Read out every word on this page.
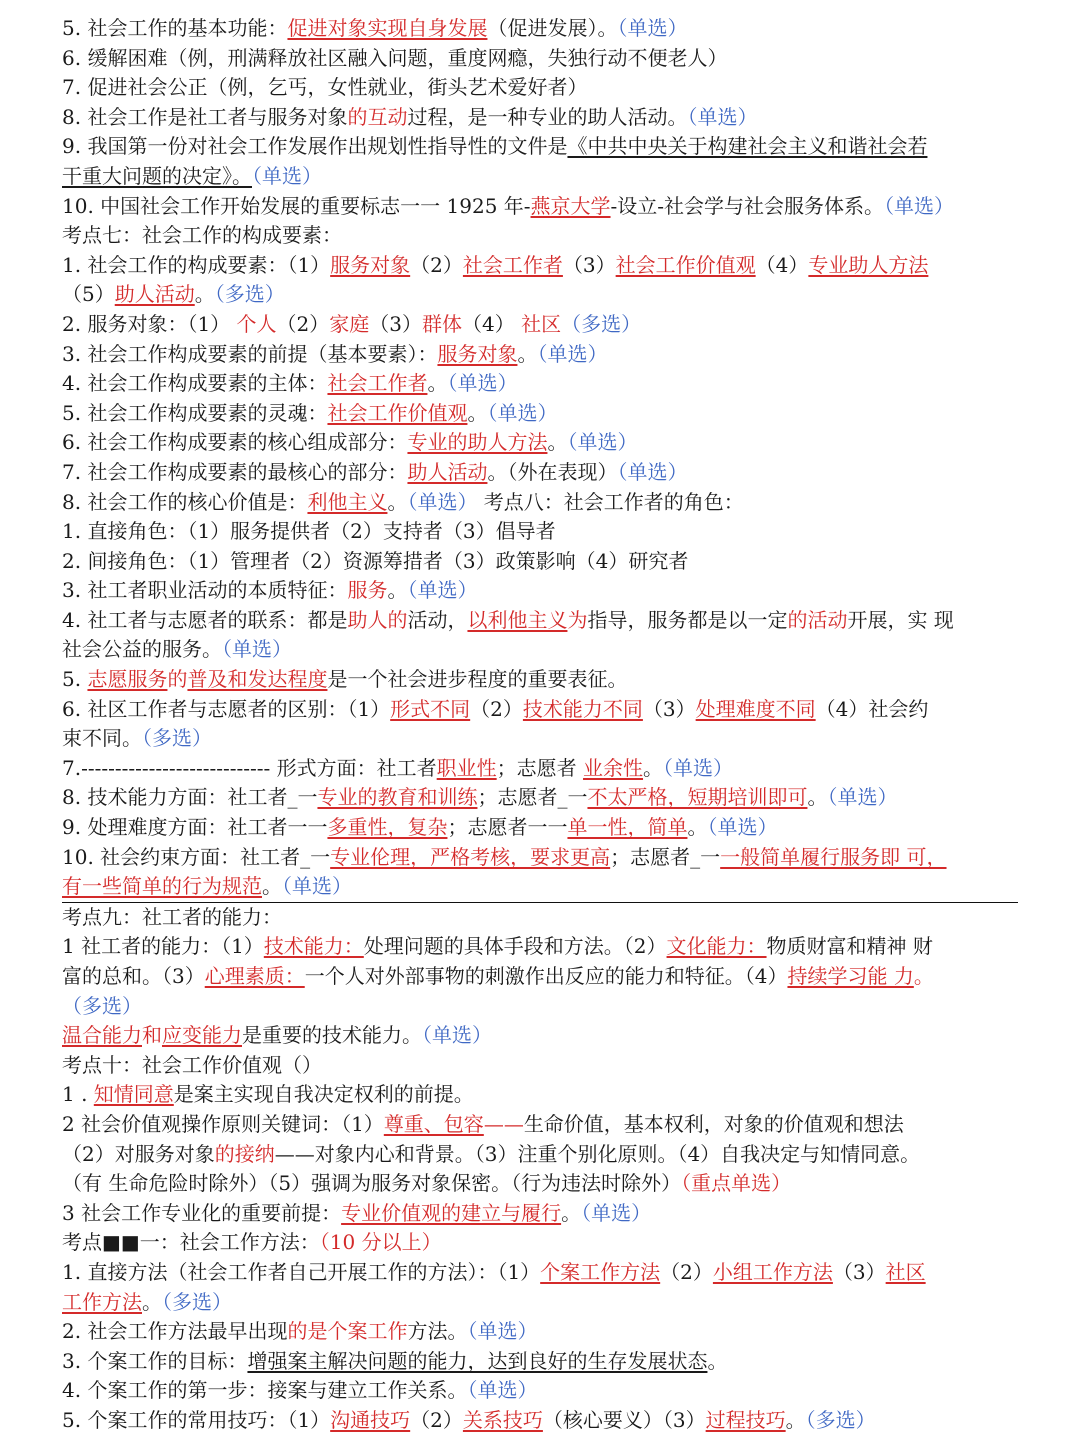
5. 社会工作的基本功能：促进对象实现自身发展（促进发展）。（单选）
6. 缓解困难（例，刑满释放社区融入问题，重度网瘾，失独行动不便老人）
7. 促进社会公正（例，乞丐，女性就业，街头艺术爱好者）
8. 社会工作是社工者与服务对象的互动过程，是一种专业的助人活动。（单选）
9. 我国第一份对社会工作发展作出规划性指导性的文件是《中共中央关于构建社会主义和谐社会若
干重大问题的决定》。（单选）
10. 中国社会工作开始发展的重要标志一一 1925 年-燕京大学-设立-社会学与社会服务体系。（单选）
考点七：社会工作的构成要素：
1. 社会工作的构成要素：（1）服务对象（2）社会工作者（3）社会工作价值观（4）专业助人方法
（5）助人活动。（多选）
2. 服务对象：（1） 个人（2）家庭（3）群体（4） 社区（多选）
3. 社会工作构成要素的前提（基本要素）：服务对象。（单选）
4. 社会工作构成要素的主体：社会工作者。（单选）
5. 社会工作构成要素的灵魂：社会工作价值观。（单选）
6. 社会工作构成要素的核心组成部分：专业的助人方法。（单选）
7. 社会工作构成要素的最核心的部分：助人活动。（外在表现）（单选）
8. 社会工作的核心价值是：利他主义。（单选） 考点八：社会工作者的角色：
1. 直接角色：（1）服务提供者（2）支持者（3）倡导者
2. 间接角色：（1）管理者（2）资源筹措者（3）政策影响（4）研究者
3. 社工者职业活动的本质特征：服务。（单选）
4. 社工者与志愿者的联系：都是助人的活动，以利他主义为指导，服务都是以一定的活动开展，实 现
社会公益的服务。（单选）
5. 志愿服务的普及和发达程度是一个社会进步程度的重要表征。
6. 社区工作者与志愿者的区别：（1）形式不同（2）技术能力不同（3）处理难度不同（4）社会约
束不同。（多选）
7.---------------------------- 形式方面：社工者职业性；志愿者 业余性。（单选）
8. 技术能力方面：社工者_一专业的教育和训练；志愿者_一不太严格，短期培训即可。（单选）
9. 处理难度方面：社工者一一多重性，复杂；志愿者一一单一性，简单。（单选）
10. 社会约束方面：社工者_一专业伦理，严格考核，要求更高；志愿者_一一般简单履行服务即 可，
有一些简单的行为规范。（单选）
考点九：社工者的能力：
1 社工者的能力：（1）技术能力：处理问题的具体手段和方法。（2）文化能力：物质财富和精神 财
富的总和。（3）心理素质：一个人对外部事物的刺激作出反应的能力和特征。（4）持续学习能 力。
（多选）
温合能力和应变能力是重要的技术能力。（单选）
考点十：社会工作价值观（）
1 . 知情同意是案主实现自我决定权利的前提。
2 社会价值观操作原则关键词：（1）尊重、包容——生命价值，基本权利，对象的价值观和想法
（2）对服务对象的接纳——对象内心和背景。（3）注重个别化原则。（4）自我决定与知情同意。
（有 生命危险时除外）（5）强调为服务对象保密。（行为违法时除外）（重点单选）
3 社会工作专业化的重要前提：专业价值观的建立与履行。（单选）
考点■■一：社会工作方法：（10 分以上）
1. 直接方法（社会工作者自己开展工作的方法）：（1）个案工作方法（2）小组工作方法（3）社区
工作方法。（多选）
2. 社会工作方法最早出现的是个案工作方法。（单选）
3. 个案工作的目标：增强案主解决问题的能力，达到良好的生存发展状态。
4. 个案工作的第一步：接案与建立工作关系。（单选）
5. 个案工作的常用技巧：（1）沟通技巧（2）关系技巧（核心要义）（3）过程技巧。（多选）
